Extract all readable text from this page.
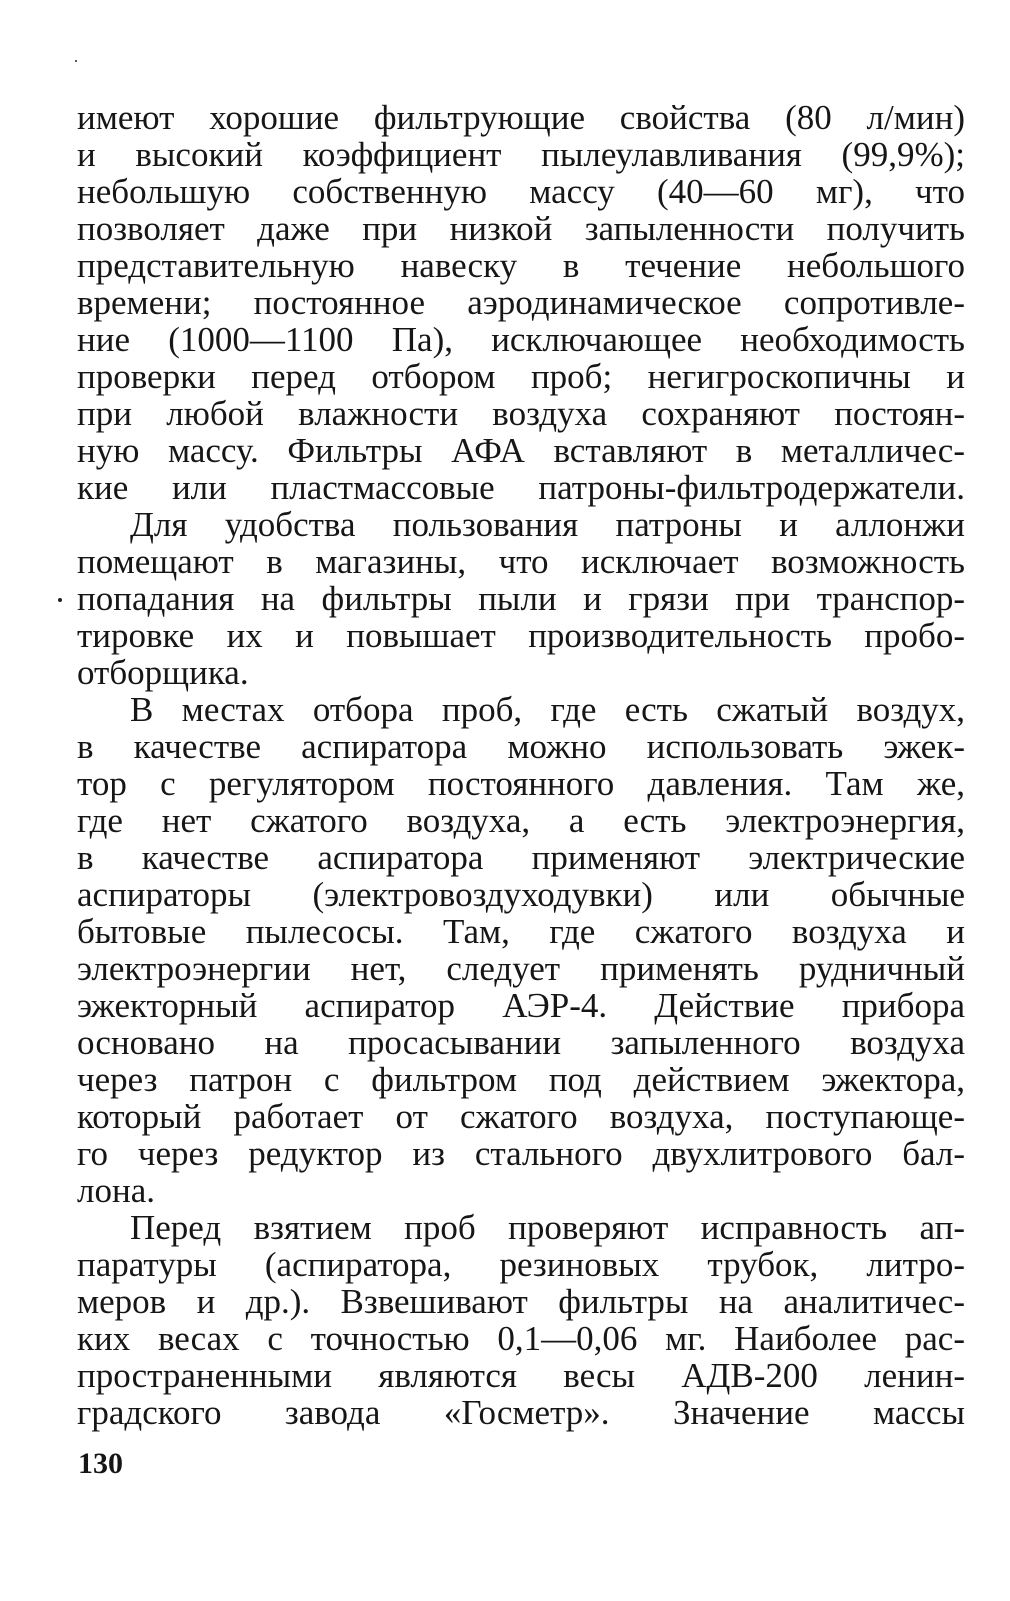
имеют хорошие фильтрующие свойства (80 л/мин)
и высокий коэффициент пылеулавливания (99,9%);
небольшую собственную массу (40—60 мг), что
позволяет даже при низкой запыленности получить
представительную навеску в течение небольшого
времени; постоянное аэродинамическое сопротивле-
ние (1000—1100 Па), исключающее необходимость
проверки перед отбором проб; негигроскопичны и
при любой влажности воздуха сохраняют постоян-
ную массу. Фильтры АФА вставляют в металличес-
кие или пластмассовые патроны-фильтродержатели.
Для удобства пользования патроны и аллонжи
помещают в магазины, что исключает возможность
попадания на фильтры пыли и грязи при транспор-
тировке их и повышает производительность пробо-
отборщика.
В местах отбора проб, где есть сжатый воздух,
в качестве аспиратора можно использовать эжек-
тор с регулятором постоянного давления. Там же,
где нет сжатого воздуха, а есть электроэнергия,
в качестве аспиратора применяют электрические
аспираторы (электровоздуходувки) или обычные
бытовые пылесосы. Там, где сжатого воздуха и
электроэнергии нет, следует применять рудничный
эжекторный аспиратор АЭР-4. Действие прибора
основано на просасывании запыленного воздуха
через патрон с фильтром под действием эжектора,
который работает от сжатого воздуха, поступающе-
го через редуктор из стального двухлитрового бал-
лона.
Перед взятием проб проверяют исправность ап-
паратуры (аспиратора, резиновых трубок, литро-
меров и др.). Взвешивают фильтры на аналитичес-
ких весах с точностью 0,1—0,06 мг. Наиболее рас-
пространенными являются весы АДВ-200 ленин-
градского завода «Госметр». Значение массы
130
